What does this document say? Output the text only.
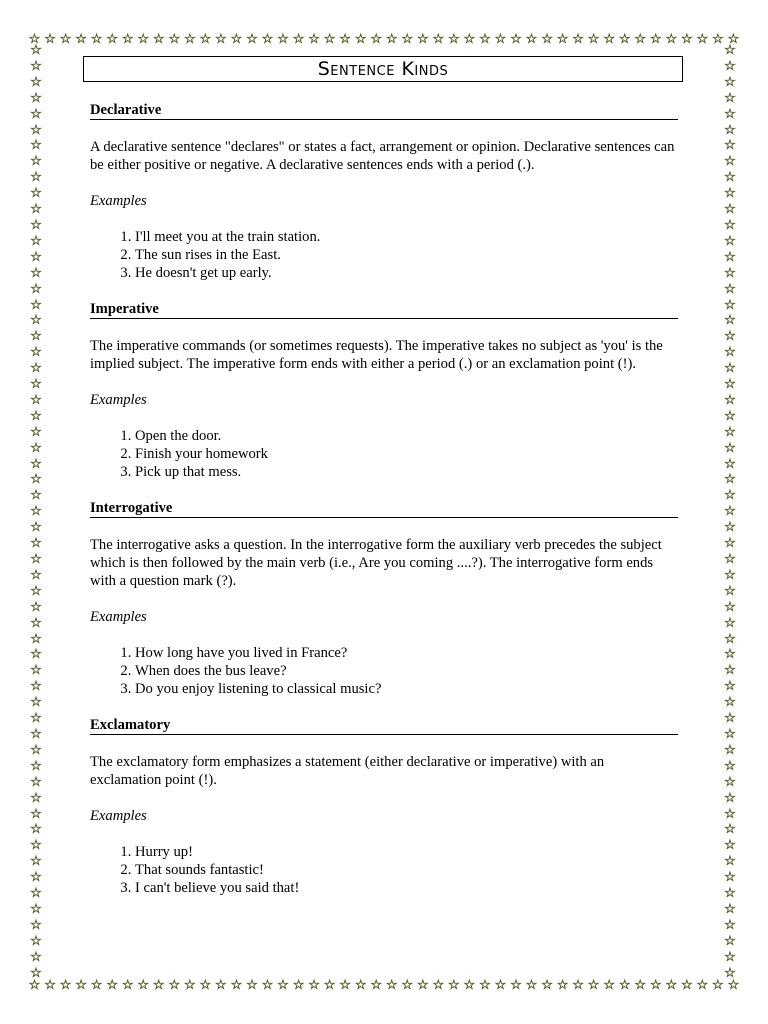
☆ ☆ ☆ ☆ ☆ ☆ ☆ ☆ ☆ ☆ ☆ ☆ ☆ ☆ ☆ ☆ ☆ ☆ ☆ ☆ ☆ ☆ ☆ ☆ ☆ ☆ ☆ ☆ ☆ ☆ ☆ ☆ ☆ ☆ ☆ ☆ ☆ ☆ ☆ ☆ ☆ ☆ ☆ ☆ ☆ ☆
☆ ☆ ☆ ☆ ☆ ☆ ☆ ☆ ☆ ☆ ☆ ☆ ☆ ☆ ☆ ☆ ☆ ☆ ☆ ☆ ☆ ☆ ☆ ☆ ☆ ☆ ☆ ☆ ☆ ☆ ☆ ☆ ☆ ☆ ☆ ☆ ☆ ☆ ☆ ☆ ☆ ☆ ☆ ☆ ☆ ☆
☆
☆
☆
☆
☆
☆
☆
☆
☆
☆
☆
☆
☆
☆
☆
☆
☆
☆
☆
☆
☆
☆
☆
☆
☆
☆
☆
☆
☆
☆
☆
☆
☆
☆
☆
☆
☆
☆
☆
☆
☆
☆
☆
☆
☆
☆
☆
☆
☆
☆
☆
☆
☆
☆
☆
☆
☆
☆
☆
☆
☆
☆
☆
☆
☆
☆
☆
☆
☆
☆
☆
☆
☆
☆
☆
☆
☆
☆
☆
☆
☆
☆
☆
☆
☆
☆
☆
☆
☆
☆
☆
☆
☆
☆
☆
☆
☆
☆
☆
☆
☆
☆
☆
☆
☆
☆
☆
☆
☆
☆
☆
☆
☆
☆
☆
☆
☆
☆
Sentence Kinds
Declarative

A declarative sentence "declares" or states a fact, arrangement or opinion. Declarative sentences can be either positive or negative. A declarative sentences ends with a period (.).

Examples

1. I'll meet you at the train station.
2. The sun rises in the East.
3. He doesn't get up early.
Imperative

The imperative commands (or sometimes requests). The imperative takes no subject as 'you' is the implied subject. The imperative form ends with either a period (.) or an exclamation point (!).

Examples

1. Open the door.
2. Finish your homework
3. Pick up that mess.
Interrogative

The interrogative asks a question. In the interrogative form the auxiliary verb precedes the subject which is then followed by the main verb (i.e., Are you coming ....?). The interrogative form ends with a question mark (?).

Examples

1. How long have you lived in France?
2. When does the bus leave?
3. Do you enjoy listening to classical music?
Exclamatory

The exclamatory form emphasizes a statement (either declarative or imperative) with an exclamation point (!).

Examples

1. Hurry up!
2. That sounds fantastic!
3. I can't believe you said that!
